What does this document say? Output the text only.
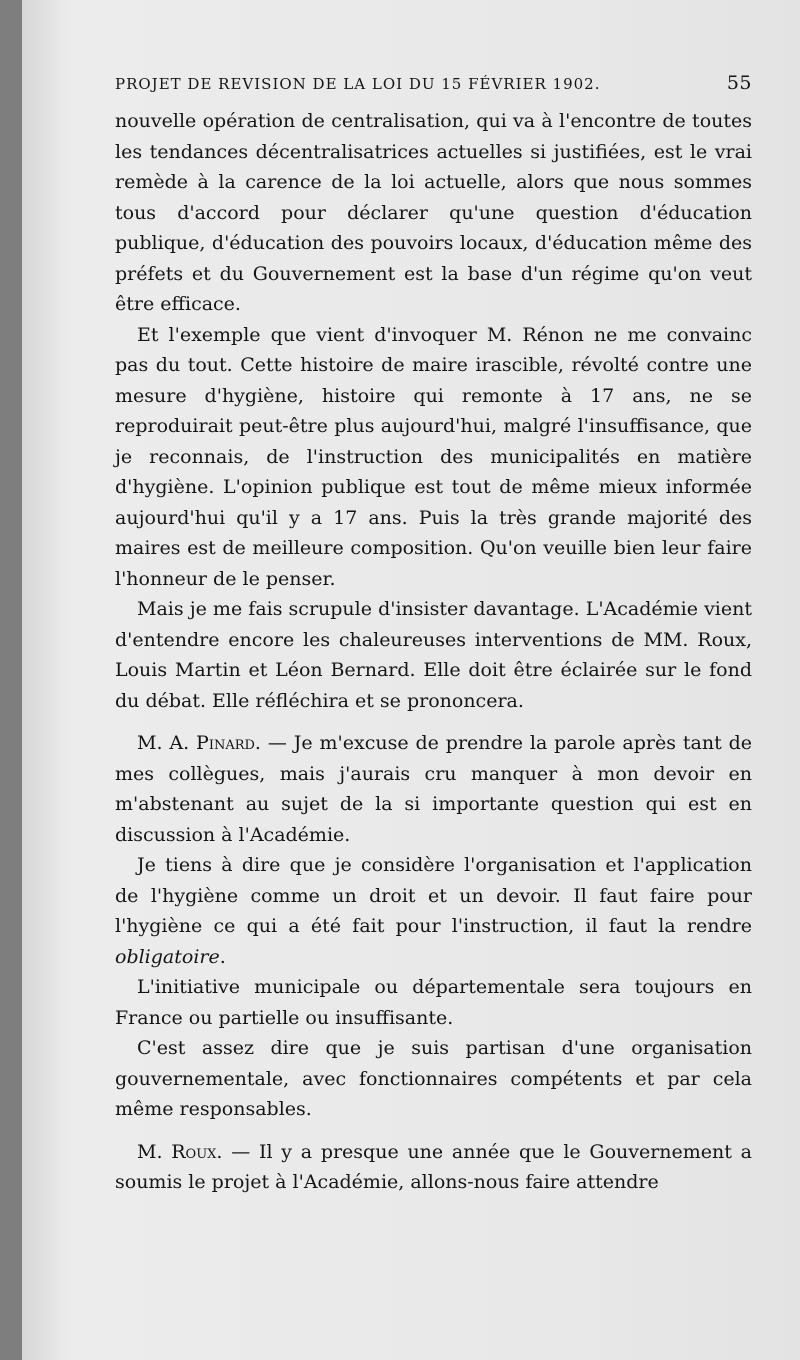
PROJET DE REVISION DE LA LOI DU 15 FÉVRIER 1902.	55

nouvelle opération de centralisation, qui va à l'encontre de toutes les tendances décentralisatrices actuelles si justifiées, est le vrai remède à la carence de la loi actuelle, alors que nous sommes tous d'accord pour déclarer qu'une question d'éducation publique, d'éducation des pouvoirs locaux, d'éducation même des préfets et du Gouvernement est la base d'un régime qu'on veut être efficace.

Et l'exemple que vient d'invoquer M. Rénon ne me convainc pas du tout. Cette histoire de maire irascible, révolté contre une mesure d'hygiène, histoire qui remonte à 17 ans, ne se reproduirait peut-être plus aujourd'hui, malgré l'insuffisance, que je reconnais, de l'instruction des municipalités en matière d'hygiène. L'opinion publique est tout de même mieux informée aujourd'hui qu'il y a 17 ans. Puis la très grande majorité des maires est de meilleure composition. Qu'on veuille bien leur faire l'honneur de le penser.

Mais je me fais scrupule d'insister davantage. L'Académie vient d'entendre encore les chaleureuses interventions de MM. Roux, Louis Martin et Léon Bernard. Elle doit être éclairée sur le fond du débat. Elle réfléchira et se prononcera.

M. A. Pinard. — Je m'excuse de prendre la parole après tant de mes collègues, mais j'aurais cru manquer à mon devoir en m'abstenant au sujet de la si importante question qui est en discussion à l'Académie.

Je tiens à dire que je considère l'organisation et l'application de l'hygiène comme un droit et un devoir. Il faut faire pour l'hygiène ce qui a été fait pour l'instruction, il faut la rendre obligatoire.

L'initiative municipale ou départementale sera toujours en France ou partielle ou insuffisante.

C'est assez dire que je suis partisan d'une organisation gouvernementale, avec fonctionnaires compétents et par cela même responsables.

M. Roux. — Il y a presque une année que le Gouvernement a soumis le projet à l'Académie, allons-nous faire attendre
